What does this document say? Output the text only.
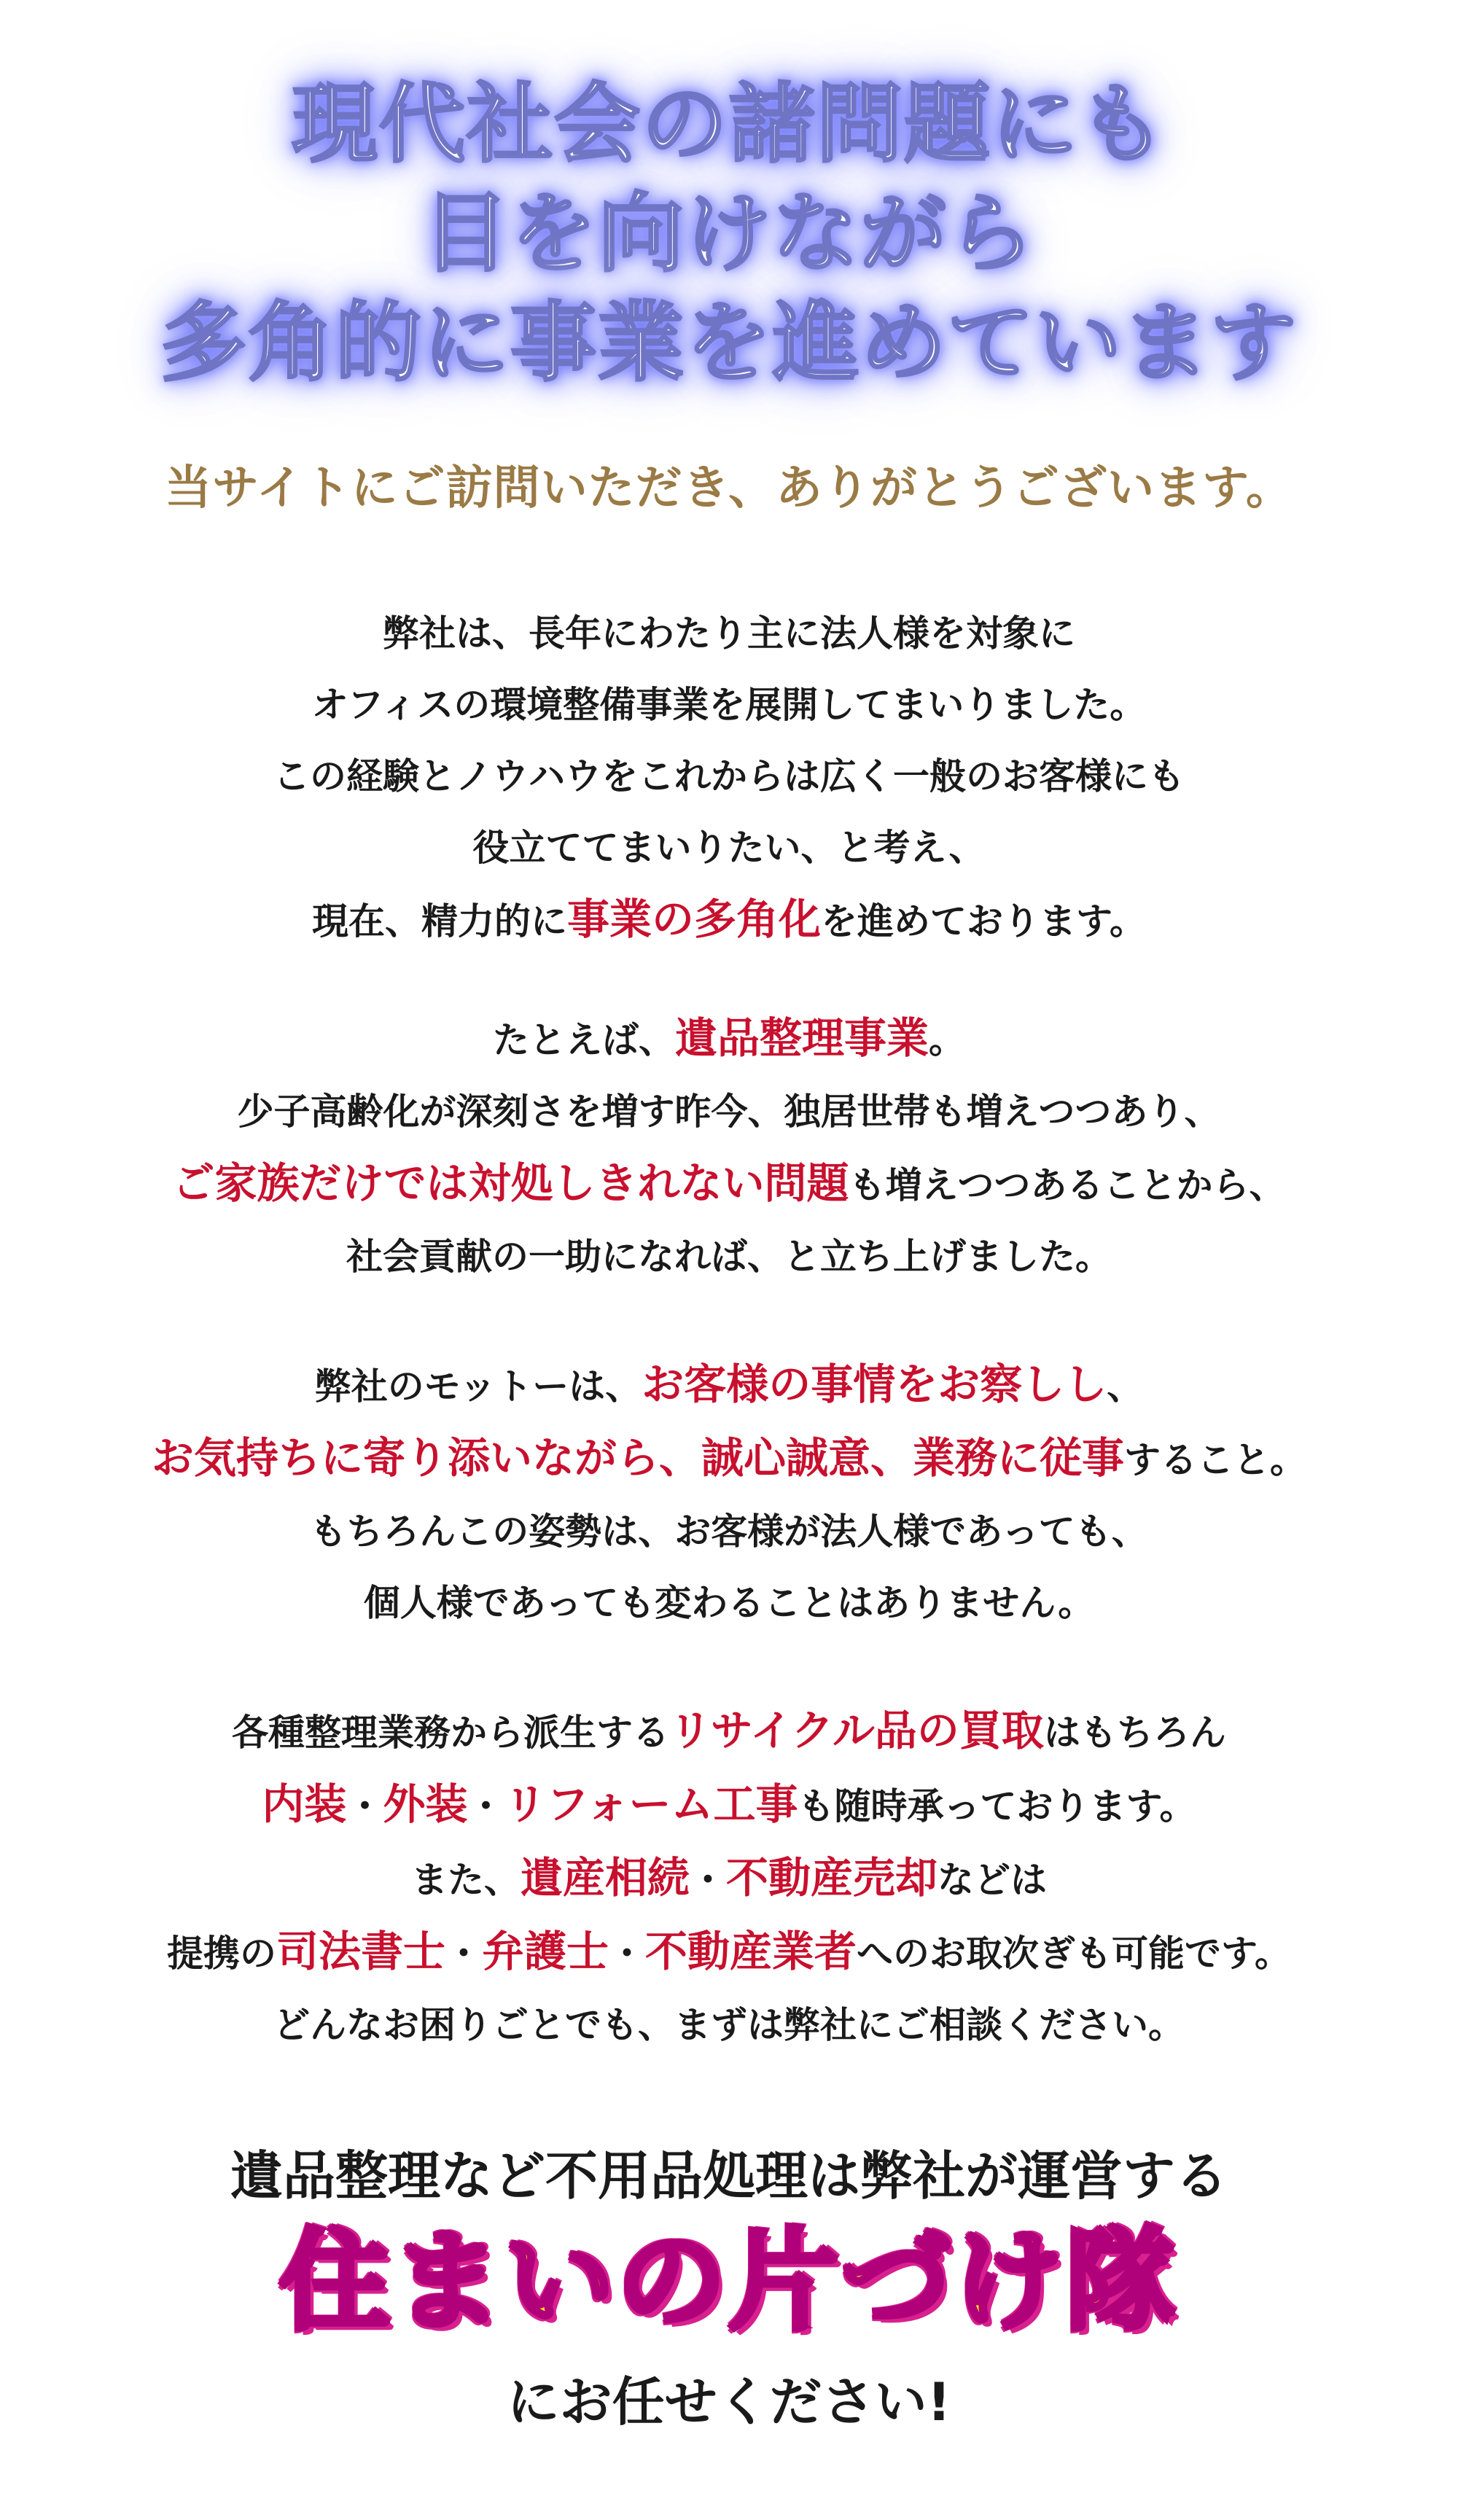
現代社会の諸問題にも
目を向けながら
多角的に事業を進めています

当サイトにご訪問いただき、ありがとうございます。

弊社は、長年にわたり主に法人様を対象に
オフィスの環境整備事業を展開してまいりました。
この経験とノウハウをこれからは広く一般のお客様にも
役立ててまいりたい、と考え、
現在、精力的に事業の多角化を進めております。

たとえば、遺品整理事業。
少子高齢化が深刻さを増す昨今、独居世帯も増えつつあり、
ご家族だけでは対処しきれない問題も増えつつあることから、
社会貢献の一助になれば、と立ち上げました。

弊社のモットーは、お客様の事情をお察しし、
お気持ちに寄り添いながら、誠心誠意、業務に従事すること。
もちろんこの姿勢は、お客様が法人様であっても、
個人様であっても変わることはありません。

各種整理業務から派生するリサイクル品の買取はもちろん
内装・外装・リフォーム工事も随時承っております。
また、遺産相続・不動産売却などは
提携の司法書士・弁護士・不動産業者へのお取次ぎも可能です。
どんなお困りごとでも、まずは弊社にご相談ください。

遺品整理など不用品処理は弊社が運営する

住まいの片づけ隊

にお任せください!
